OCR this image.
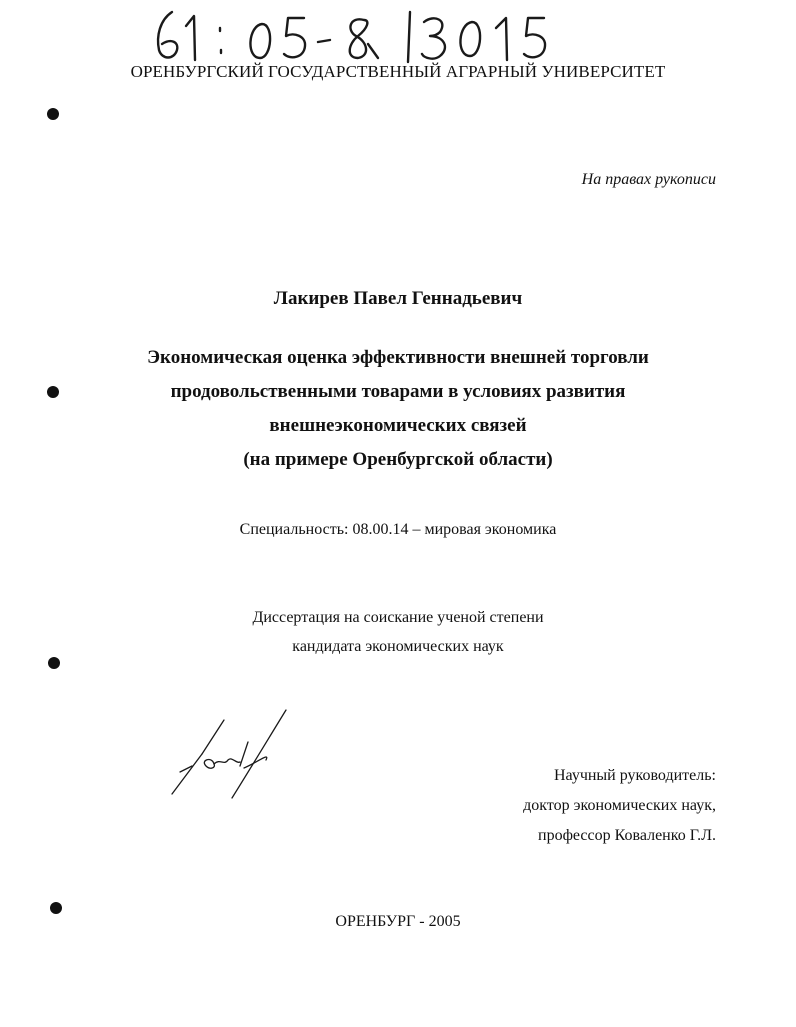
ОРЕНБУРГСКИЙ ГОСУДАРСТВЕННЫЙ АГРАРНЫЙ УНИВЕРСИТЕТ
На правах рукописи
Лакирев Павел Геннадьевич
Экономическая оценка эффективности внешней торговли
продовольственными товарами в условиях развития
внешнеэкономических связей
(на примере Оренбургской области)
Специальность: 08.00.14 – мировая экономика
Диссертация на соискание ученой степени
кандидата экономических наук
Научный руководитель:
доктор экономических наук,
профессор Коваленко Г.Л.
ОРЕНБУРГ - 2005
